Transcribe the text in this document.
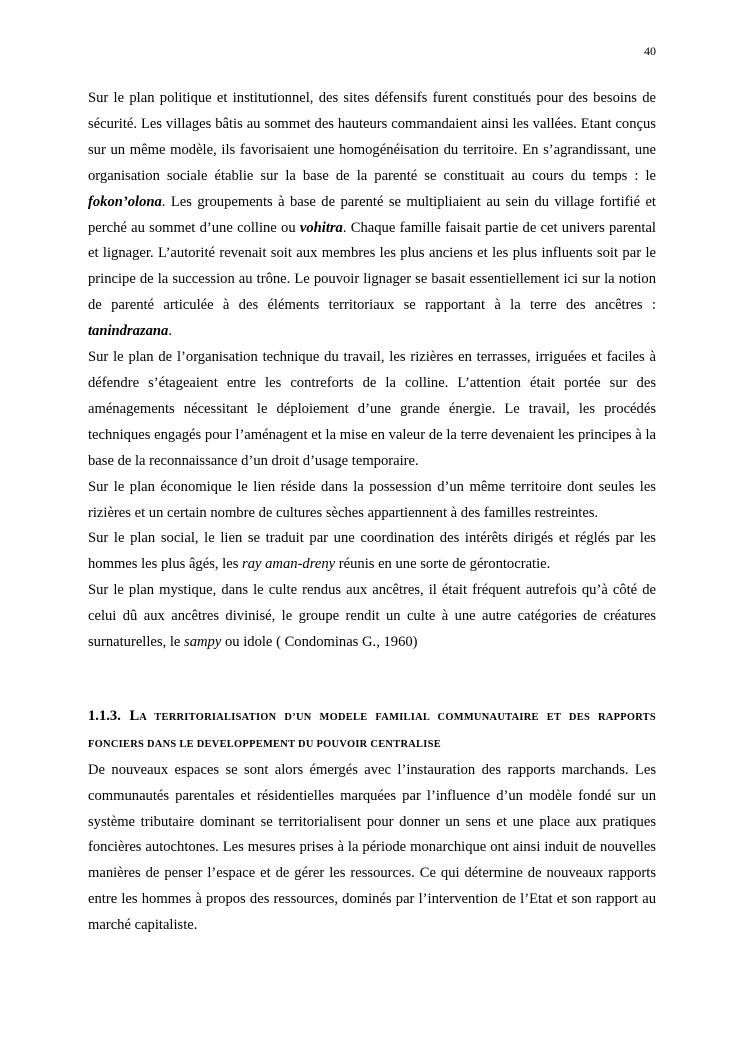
40

Sur le plan politique et institutionnel, des sites défensifs furent constitués pour des besoins de sécurité. Les villages bâtis au sommet des hauteurs commandaient ainsi les vallées. Etant conçus sur un même modèle, ils favorisaient une homogénéisation du territoire. En s’agrandissant, une organisation sociale établie sur la base de la parenté se constituait au cours du temps : le fokon’olona. Les groupements à base de parenté se multipliaient au sein du village fortifié et perché au sommet d’une colline ou vohitra. Chaque famille faisait partie de cet univers parental et lignager. L’autorité revenait soit aux membres les plus anciens et les plus influents soit par le principe de la succession au trône. Le pouvoir lignager se basait essentiellement ici sur la notion de parenté articulée à des éléments territoriaux se rapportant à la terre des ancêtres : tanindrazana.

Sur le plan de l’organisation technique du travail, les rizières en terrasses, irriguées et faciles à défendre s’étageaient entre les contreforts de la colline. L’attention était portée sur des aménagements nécessitant le déploiement d’une grande énergie. Le travail, les procédés techniques engagés pour l’aménagent et la mise en valeur de la terre devenaient les principes à la base de la reconnaissance d’un droit d’usage temporaire.

Sur le plan économique le lien réside dans la possession d’un même territoire dont seules les rizières et un certain nombre de cultures sèches appartiennent à des familles restreintes.

Sur le plan social, le lien se traduit par une coordination des intérêts dirigés et réglés par les hommes les plus âgés, les ray aman-dreny réunis en une sorte de gérontocratie.

Sur le plan mystique, dans le culte rendus aux ancêtres, il était fréquent autrefois qu’à côté de celui dû aux ancêtres divinisé, le groupe rendit un culte à une autre catégories de créatures surnaturelles, le sampy ou idole ( Condominas G., 1960)

1.1.3. LA TERRITORIALISATION D’UN MODELE FAMILIAL COMMUNAUTAIRE ET DES RAPPORTS FONCIERS DANS LE DEVELOPPEMENT DU POUVOIR CENTRALISE

De nouveaux espaces se sont alors émergés avec l’instauration des rapports marchands. Les communautés parentales et résidentielles marquées par l’influence d’un modèle fondé sur un système tributaire dominant se territorialisent pour donner un sens et une place aux pratiques foncières autochtones. Les mesures prises à la période monarchique ont ainsi induit de nouvelles manières de penser l’espace et de gérer les ressources. Ce qui détermine de nouveaux rapports entre les hommes à propos des ressources, dominés par l’intervention de l’Etat et son rapport au marché capitaliste.
